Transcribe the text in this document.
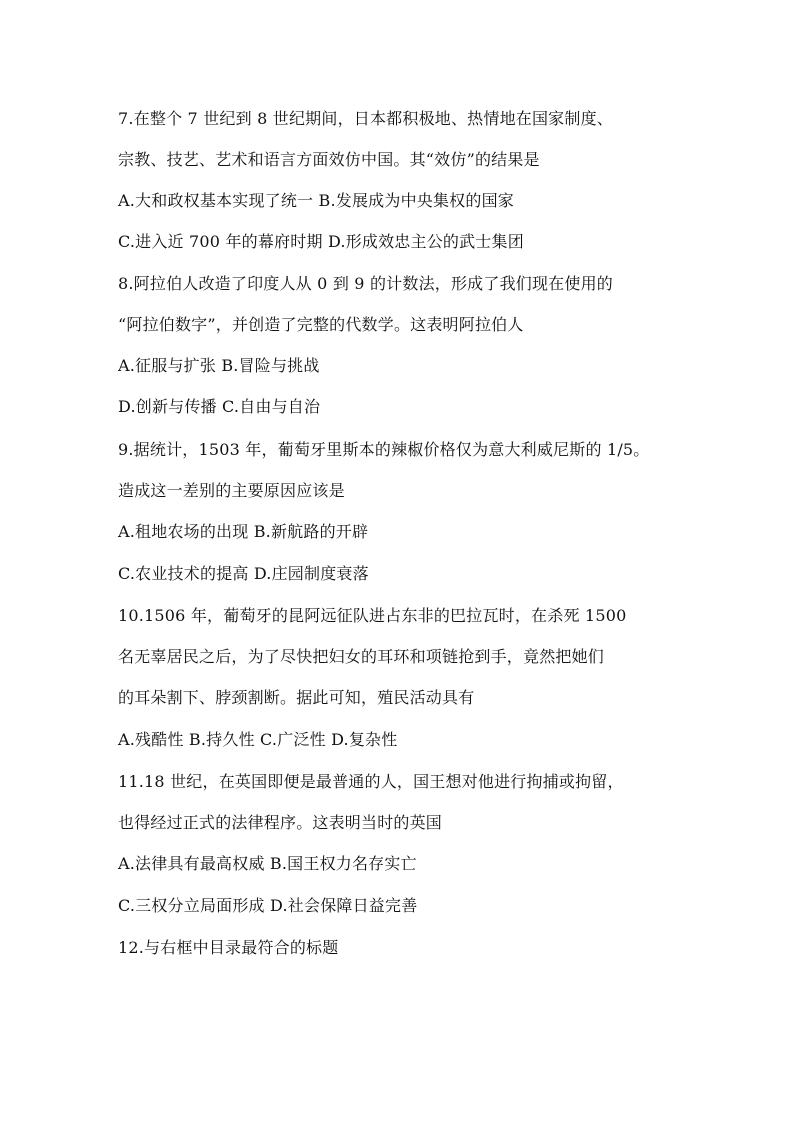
7.在整个 7 世纪到 8 世纪期间，日本都积极地、热情地在国家制度、
宗教、技艺、艺术和语言方面效仿中国。其“效仿”的结果是
A.大和政权基本实现了统一 B.发展成为中央集权的国家
C.进入近 700 年的幕府时期 D.形成效忠主公的武士集团
8.阿拉伯人改造了印度人从 0 到 9 的计数法，形成了我们现在使用的
“阿拉伯数字”，并创造了完整的代数学。这表明阿拉伯人
A.征服与扩张 B.冒险与挑战
D.创新与传播 C.自由与自治
9.据统计，1503 年，葡萄牙里斯本的辣椒价格仅为意大利威尼斯的 1/5。
造成这一差别的主要原因应该是
A.租地农场的出现 B.新航路的开辟
C.农业技术的提高 D.庄园制度衰落
10.1506 年，葡萄牙的昆阿远征队进占东非的巴拉瓦时，在杀死 1500
名无辜居民之后，为了尽快把妇女的耳环和项链抢到手，竟然把她们
的耳朵割下、脖颈割断。据此可知，殖民活动具有
A.残酷性 B.持久性 C.广泛性 D.复杂性
11.18 世纪，在英国即便是最普通的人，国王想对他进行拘捕或拘留，
也得经过正式的法律程序。这表明当时的英国
A.法律具有最高权威 B.国王权力名存实亡
C.三权分立局面形成 D.社会保障日益完善
12.与右框中目录最符合的标题
